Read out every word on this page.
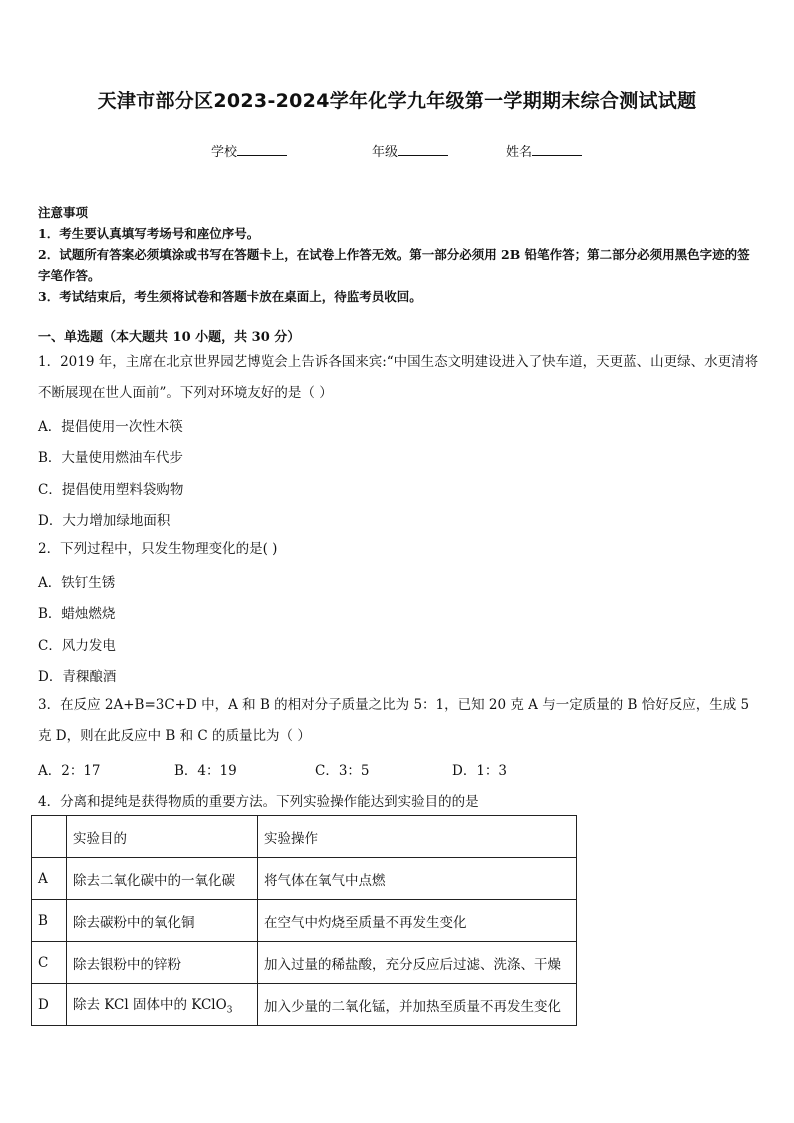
天津市部分区2023-2024学年化学九年级第一学期期末综合测试试题
学校	年级	姓名
注意事项
1．考生要认真填写考场号和座位序号。
2．试题所有答案必须填涂或书写在答题卡上，在试卷上作答无效。第一部分必须用 2B 铅笔作答；第二部分必须用黑色字迹的签字笔作答。
3．考试结束后，考生须将试卷和答题卡放在桌面上，待监考员收回。
一、单选题（本大题共 10 小题，共 30 分）
1．2019 年，主席在北京世界园艺博览会上告诉各国来宾:“中国生态文明建设进入了快车道，天更蓝、山更绿、水更清将不断展现在世人面前”。下列对环境友好的是（ ）
A．提倡使用一次性木筷
B．大量使用燃油车代步
C．提倡使用塑料袋购物
D．大力增加绿地面积
2．下列过程中，只发生物理变化的是( )
A．铁钉生锈
B．蜡烛燃烧
C．风力发电
D．青稞酿酒
3．在反应 2A+B=3C+D 中，A 和 B 的相对分子质量之比为 5：1，已知 20 克 A 与一定质量的 B 恰好反应，生成 5 克 D，则在此反应中 B 和 C 的质量比为（ ）
A．2：17	B．4：19	C．3：5	D．1：3
4．分离和提纯是获得物质的重要方法。下列实验操作能达到实验目的的是
	实验目的	实验操作
A	除去二氧化碳中的一氧化碳	将气体在氧气中点燃
B	除去碳粉中的氧化铜	在空气中灼烧至质量不再发生变化
C	除去银粉中的锌粉	加入过量的稀盐酸，充分反应后过滤、洗涤、干燥
D	除去 KCl 固体中的 KClO$_3$	加入少量的二氧化锰，并加热至质量不再发生变化
